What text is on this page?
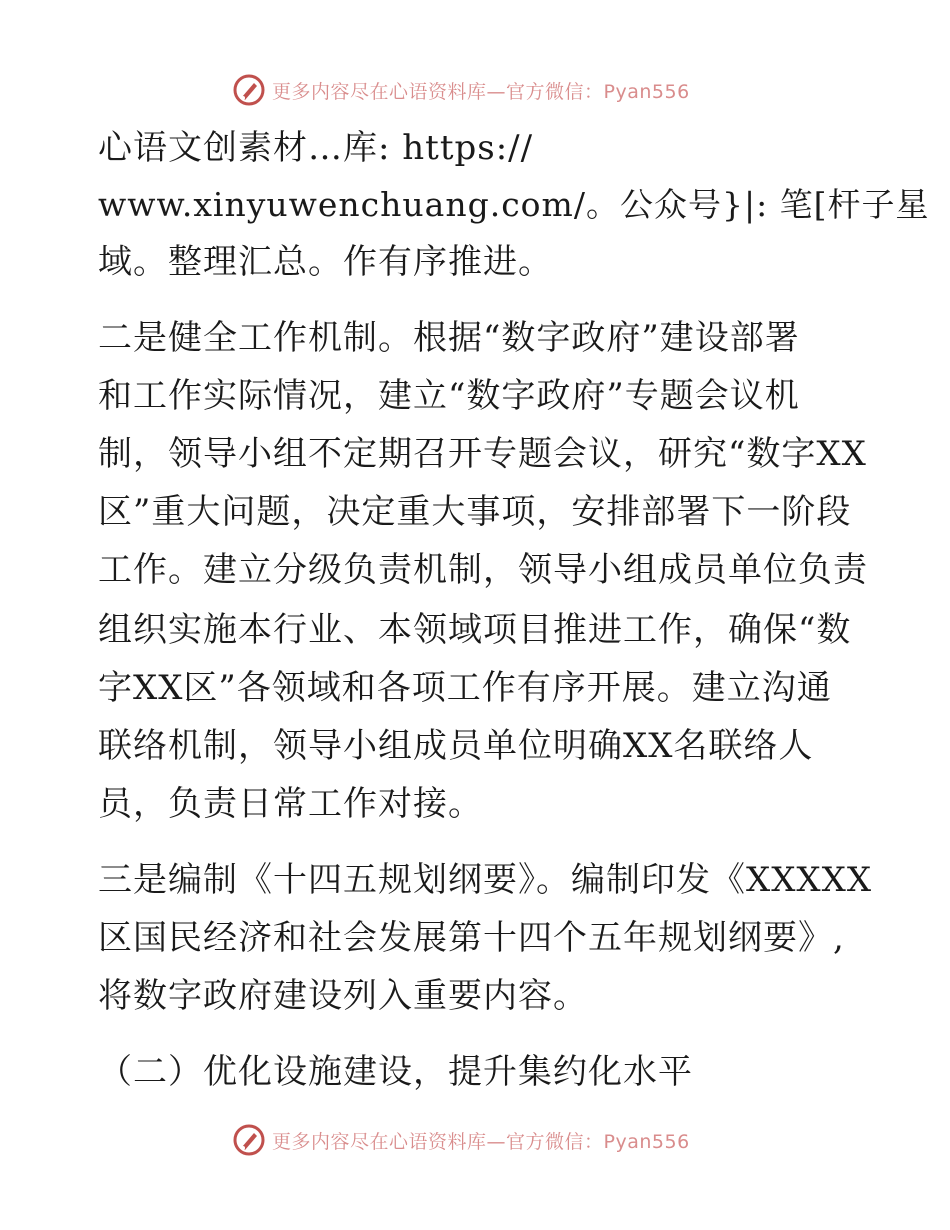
更多内容尽在心语资料库—官方微信：Pyan556
心语文创素材…库: https://
www.xinyuwenchuang.com/。公众号}|: 笔[杆子星
域。整理汇总。作有序推进。
二是健全工作机制。根据“数字政府”建设部署
和工作实际情况，建立“数字政府”专题会议机
制，领导小组不定期召开专题会议，研究“数字XX
区”重大问题，决定重大事项，安排部署下一阶段
工作。建立分级负责机制，领导小组成员单位负责
组织实施本行业、本领域项目推进工作，确保“数
字XX区”各领域和各项工作有序开展。建立沟通
联络机制，领导小组成员单位明确XX名联络人
员，负责日常工作对接。
三是编制《十四五规划纲要》。编制印发《XXXXX
区国民经济和社会发展第十四个五年规划纲要》,
将数字政府建设列入重要内容。
（二）优化设施建设，提升集约化水平
更多内容尽在心语资料库—官方微信：Pyan556
